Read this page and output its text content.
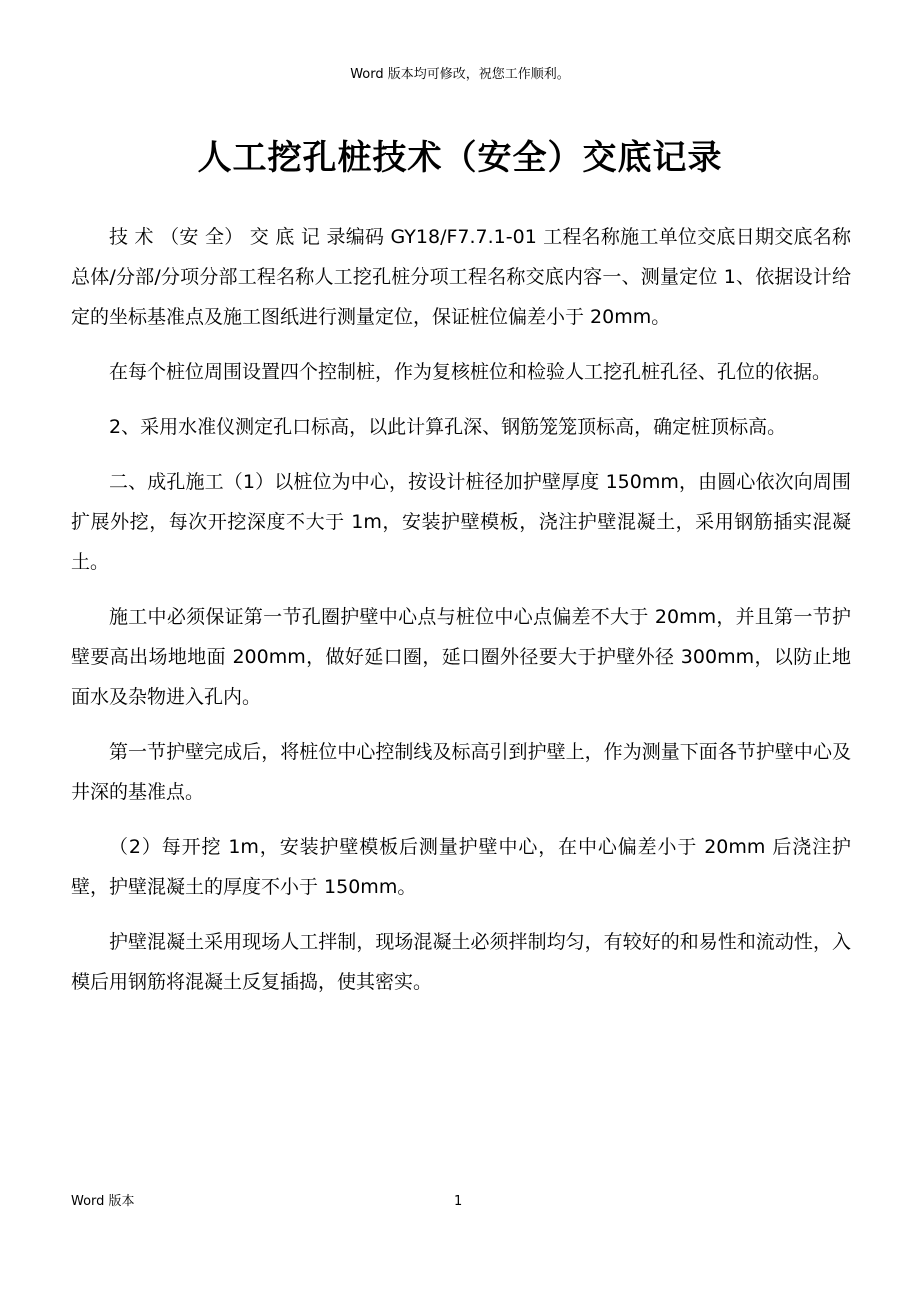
Word 版本均可修改，祝您工作顺利。
人工挖孔桩技术（安全）交底记录

技 术 （安 全） 交 底 记 录编码 GY18/F7.7.1-01 工程名称施工单位交底日期交底名称总体/分部/分项分部工程名称人工挖孔桩分项工程名称交底内容一、测量定位 1、依据设计给定的坐标基准点及施工图纸进行测量定位，保证桩位偏差小于 20mm。

在每个桩位周围设置四个控制桩，作为复核桩位和检验人工挖孔桩孔径、孔位的依据。

2、采用水准仪测定孔口标高，以此计算孔深、钢筋笼笼顶标高，确定桩顶标高。

二、成孔施工（1）以桩位为中心，按设计桩径加护壁厚度 150mm，由圆心依次向周围扩展外挖，每次开挖深度不大于 1m，安装护壁模板，浇注护壁混凝土，采用钢筋插实混凝土。

施工中必须保证第一节孔圈护壁中心点与桩位中心点偏差不大于 20mm，并且第一节护壁要高出场地地面 200mm，做好延口圈，延口圈外径要大于护壁外径 300mm，以防止地面水及杂物进入孔内。

第一节护壁完成后，将桩位中心控制线及标高引到护壁上，作为测量下面各节护壁中心及井深的基准点。

（2）每开挖 1m，安装护壁模板后测量护壁中心，在中心偏差小于 20mm 后浇注护壁，护壁混凝土的厚度不小于 150mm。

护壁混凝土采用现场人工拌制，现场混凝土必须拌制均匀，有较好的和易性和流动性，入模后用钢筋将混凝土反复插捣，使其密实。

Word 版本	1
